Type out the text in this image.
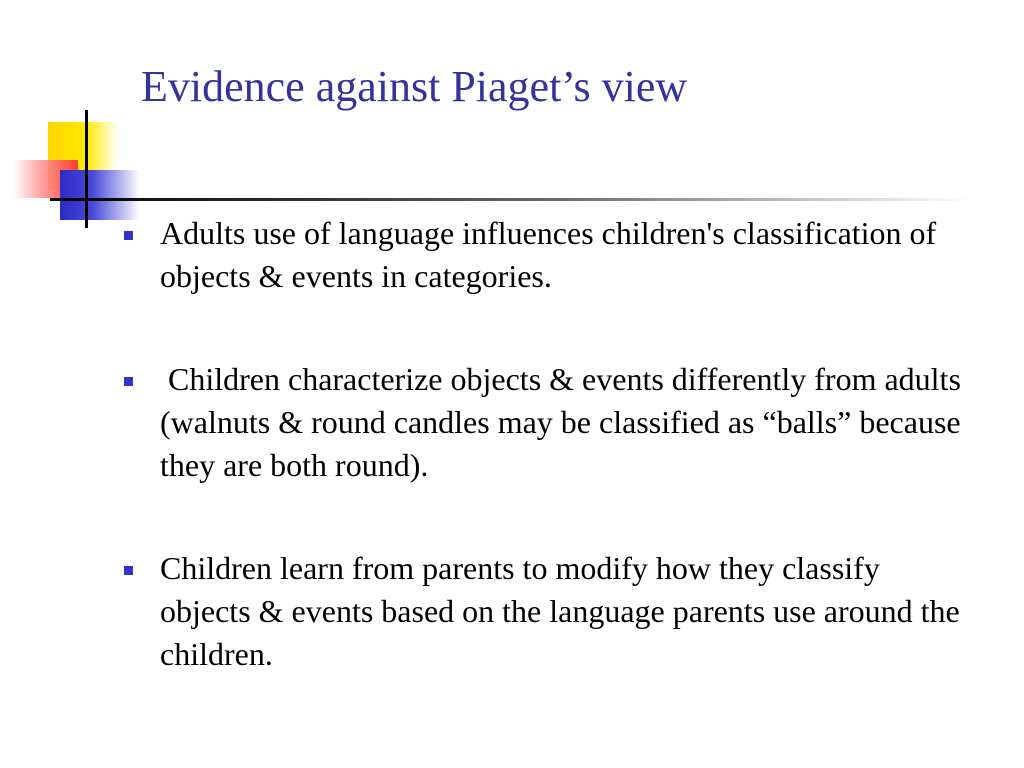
Evidence against Piaget’s view
Adults use of language influences children's classification of objects & events in categories.
Children characterize objects & events differently from adults (walnuts & round candles may be classified as “balls” because they are both round).
Children learn from parents to modify how they classify objects & events based on the language parents use around the children.
